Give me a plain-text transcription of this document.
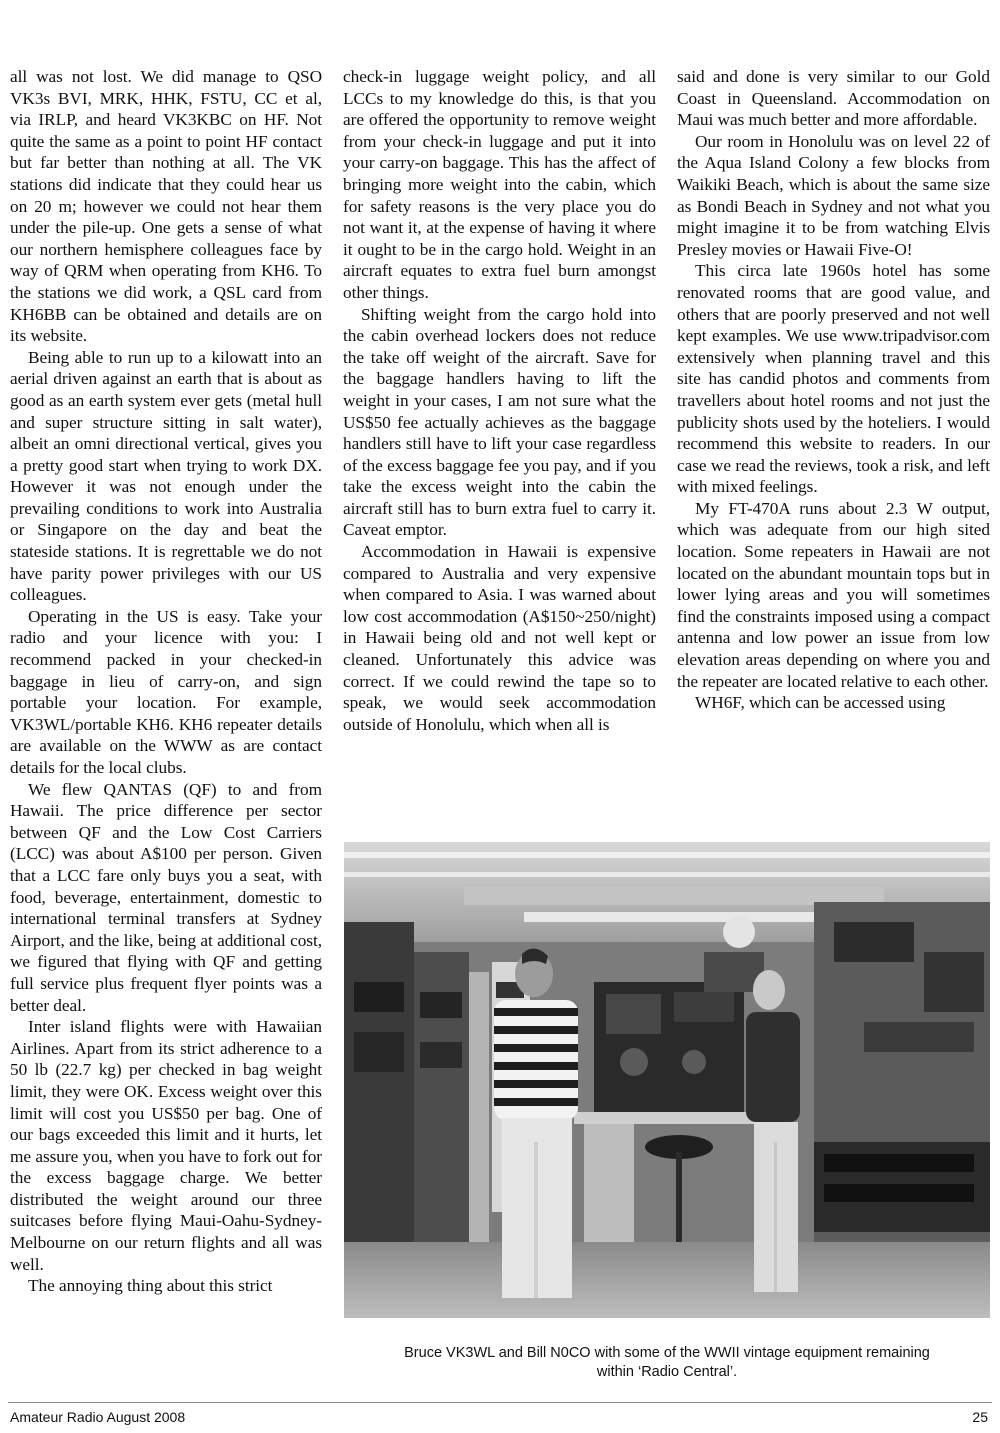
all was not lost. We did manage to QSO VK3s BVI, MRK, HHK, FSTU, CC et al, via IRLP, and heard VK3KBC on HF. Not quite the same as a point to point HF contact but far better than nothing at all. The VK stations did indicate that they could hear us on 20 m; however we could not hear them under the pile-up. One gets a sense of what our northern hemisphere colleagues face by way of QRM when operating from KH6. To the stations we did work, a QSL card from KH6BB can be obtained and details are on its website.

Being able to run up to a kilowatt into an aerial driven against an earth that is about as good as an earth system ever gets (metal hull and super structure sitting in salt water), albeit an omni directional vertical, gives you a pretty good start when trying to work DX. However it was not enough under the prevailing conditions to work into Australia or Singapore on the day and beat the stateside stations. It is regrettable we do not have parity power privileges with our US colleagues.

Operating in the US is easy. Take your radio and your licence with you: I recommend packed in your checked-in baggage in lieu of carry-on, and sign portable your location. For example, VK3WL/portable KH6. KH6 repeater details are available on the WWW as are contact details for the local clubs.

We flew QANTAS (QF) to and from Hawaii. The price difference per sector between QF and the Low Cost Carriers (LCC) was about A$100 per person. Given that a LCC fare only buys you a seat, with food, beverage, entertainment, domestic to international terminal transfers at Sydney Airport, and the like, being at additional cost, we figured that flying with QF and getting full service plus frequent flyer points was a better deal.

Inter island flights were with Hawaiian Airlines. Apart from its strict adherence to a 50 lb (22.7 kg) per checked in bag weight limit, they were OK. Excess weight over this limit will cost you US$50 per bag. One of our bags exceeded this limit and it hurts, let me assure you, when you have to fork out for the excess baggage charge. We better distributed the weight around our three suitcases before flying Maui-Oahu-Sydney-Melbourne on our return flights and all was well.

The annoying thing about this strict

check-in luggage weight policy, and all LCCs to my knowledge do this, is that you are offered the opportunity to remove weight from your check-in luggage and put it into your carry-on baggage. This has the affect of bringing more weight into the cabin, which for safety reasons is the very place you do not want it, at the expense of having it where it ought to be in the cargo hold. Weight in an aircraft equates to extra fuel burn amongst other things.

Shifting weight from the cargo hold into the cabin overhead lockers does not reduce the take off weight of the aircraft. Save for the baggage handlers having to lift the weight in your cases, I am not sure what the US$50 fee actually achieves as the baggage handlers still have to lift your case regardless of the excess baggage fee you pay, and if you take the excess weight into the cabin the aircraft still has to burn extra fuel to carry it. Caveat emptor.

Accommodation in Hawaii is expensive compared to Australia and very expensive when compared to Asia. I was warned about low cost accommodation (A$150~250/night) in Hawaii being old and not well kept or cleaned. Unfortunately this advice was correct. If we could rewind the tape so to speak, we would seek accommodation outside of Honolulu, which when all is

said and done is very similar to our Gold Coast in Queensland. Accommodation on Maui was much better and more affordable.

Our room in Honolulu was on level 22 of the Aqua Island Colony a few blocks from Waikiki Beach, which is about the same size as Bondi Beach in Sydney and not what you might imagine it to be from watching Elvis Presley movies or Hawaii Five-O!

This circa late 1960s hotel has some renovated rooms that are good value, and others that are poorly preserved and not well kept examples. We use www.tripadvisor.com extensively when planning travel and this site has candid photos and comments from travellers about hotel rooms and not just the publicity shots used by the hoteliers. I would recommend this website to readers. In our case we read the reviews, took a risk, and left with mixed feelings.

My FT-470A runs about 2.3 W output, which was adequate from our high sited location. Some repeaters in Hawaii are not located on the abundant mountain tops but in lower lying areas and you will sometimes find the constraints imposed using a compact antenna and low power an issue from low elevation areas depending on where you and the repeater are located relative to each other.

WH6F, which can be accessed using

Bruce VK3WL and Bill N0CO with some of the WWII vintage equipment remaining
within ‘Radio Central’.
Amateur Radio August 2008	25
